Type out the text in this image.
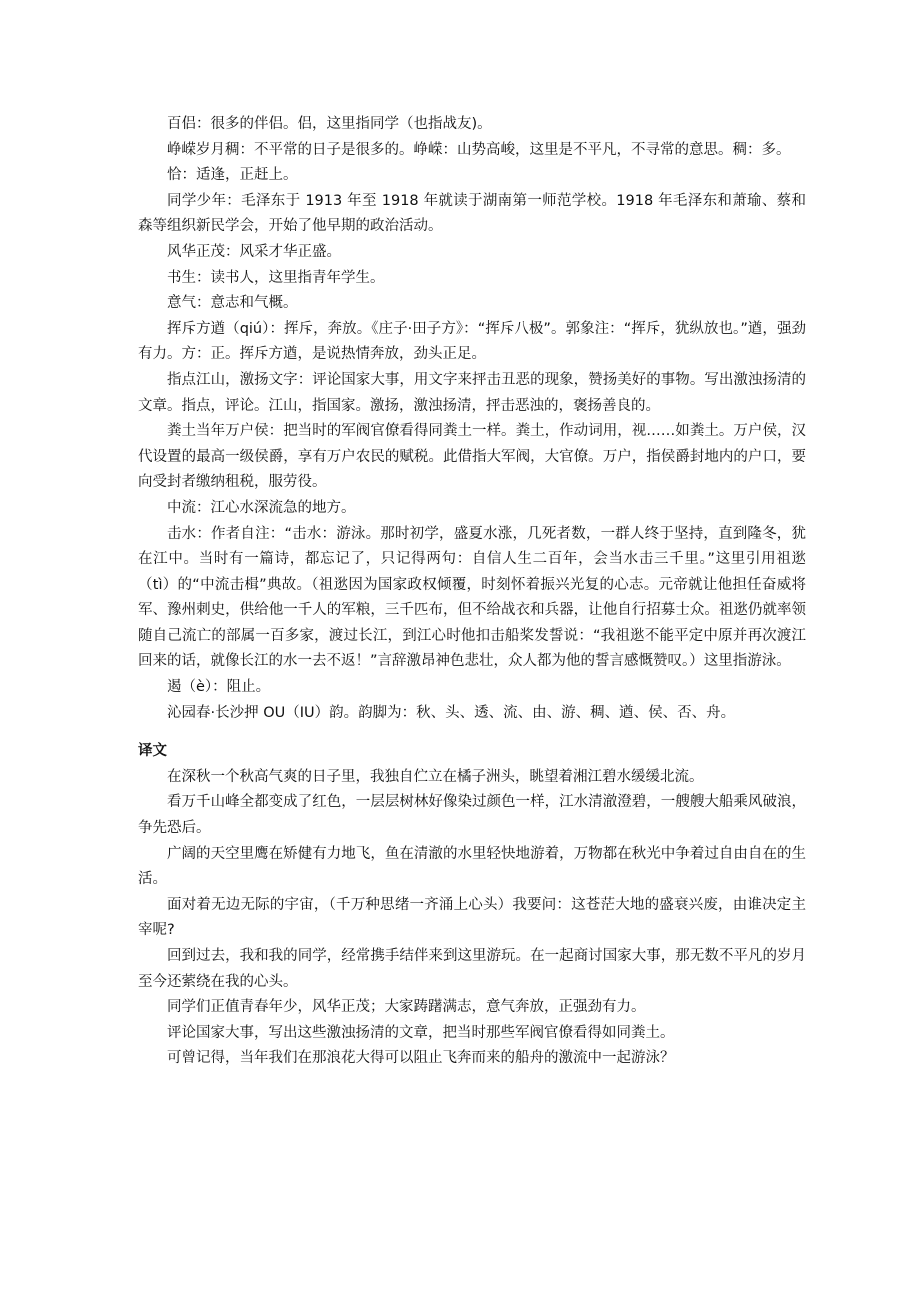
百侣：很多的伴侣。侣，这里指同学（也指战友)。

峥嵘岁月稠：不平常的日子是很多的。峥嵘：山势高峻，这里是不平凡，不寻常的意思。稠：多。

恰：适逢，正赶上。

同学少年：毛泽东于 1913 年至 1918 年就读于湖南第一师范学校。1918 年毛泽东和萧瑜、蔡和森等组织新民学会，开始了他早期的政治活动。

风华正茂：风采才华正盛。

书生：读书人，这里指青年学生。

意气：意志和气概。

挥斥方遒（qiú）：挥斥，奔放。《庄子·田子方》：“挥斥八极”。郭象注：“挥斥，犹纵放也。”遒，强劲有力。方：正。挥斥方遒，是说热情奔放，劲头正足。

指点江山，激扬文字：评论国家大事，用文字来抨击丑恶的现象，赞扬美好的事物。写出激浊扬清的文章。指点，评论。江山，指国家。激扬，激浊扬清，抨击恶浊的，褒扬善良的。

粪土当年万户侯：把当时的军阀官僚看得同粪土一样。粪土，作动词用，视……如粪土。万户侯，汉代设置的最高一级侯爵，享有万户农民的赋税。此借指大军阀，大官僚。万户，指侯爵封地内的户口，要向受封者缴纳租税，服劳役。

中流：江心水深流急的地方。

击水：作者自注：“击水：游泳。那时初学，盛夏水涨，几死者数，一群人终于坚持，直到隆冬，犹在江中。当时有一篇诗，都忘记了，只记得两句：自信人生二百年，会当水击三千里。”这里引用祖逖（tì）的“中流击楫”典故。（祖逖因为国家政权倾覆，时刻怀着振兴光复的心志。元帝就让他担任奋威将军、豫州刺史，供给他一千人的军粮，三千匹布，但不给战衣和兵器，让他自行招募士众。祖逖仍就率领随自己流亡的部属一百多家，渡过长江，到江心时他扣击船桨发誓说：“我祖逖不能平定中原并再次渡江回来的话，就像长江的水一去不返！”言辞激昂神色悲壮，众人都为他的誓言感慨赞叹。）这里指游泳。

遏（è）：阻止。

沁园春·长沙押 OU（IU）韵。韵脚为：秋、头、透、流、由、游、稠、遒、侯、否、舟。

译文

在深秋一个秋高气爽的日子里，我独自伫立在橘子洲头，眺望着湘江碧水缓缓北流。

看万千山峰全都变成了红色，一层层树林好像染过颜色一样，江水清澈澄碧，一艘艘大船乘风破浪，争先恐后。

广阔的天空里鹰在矫健有力地飞，鱼在清澈的水里轻快地游着，万物都在秋光中争着过自由自在的生活。

面对着无边无际的宇宙，（千万种思绪一齐涌上心头）我要问：这苍茫大地的盛衰兴废，由谁决定主宰呢?

回到过去，我和我的同学，经常携手结伴来到这里游玩。在一起商讨国家大事，那无数不平凡的岁月至今还萦绕在我的心头。

同学们正值青春年少，风华正茂；大家踌躇满志，意气奔放，正强劲有力。

评论国家大事，写出这些激浊扬清的文章，把当时那些军阀官僚看得如同粪土。

可曾记得，当年我们在那浪花大得可以阻止飞奔而来的船舟的激流中一起游泳？
